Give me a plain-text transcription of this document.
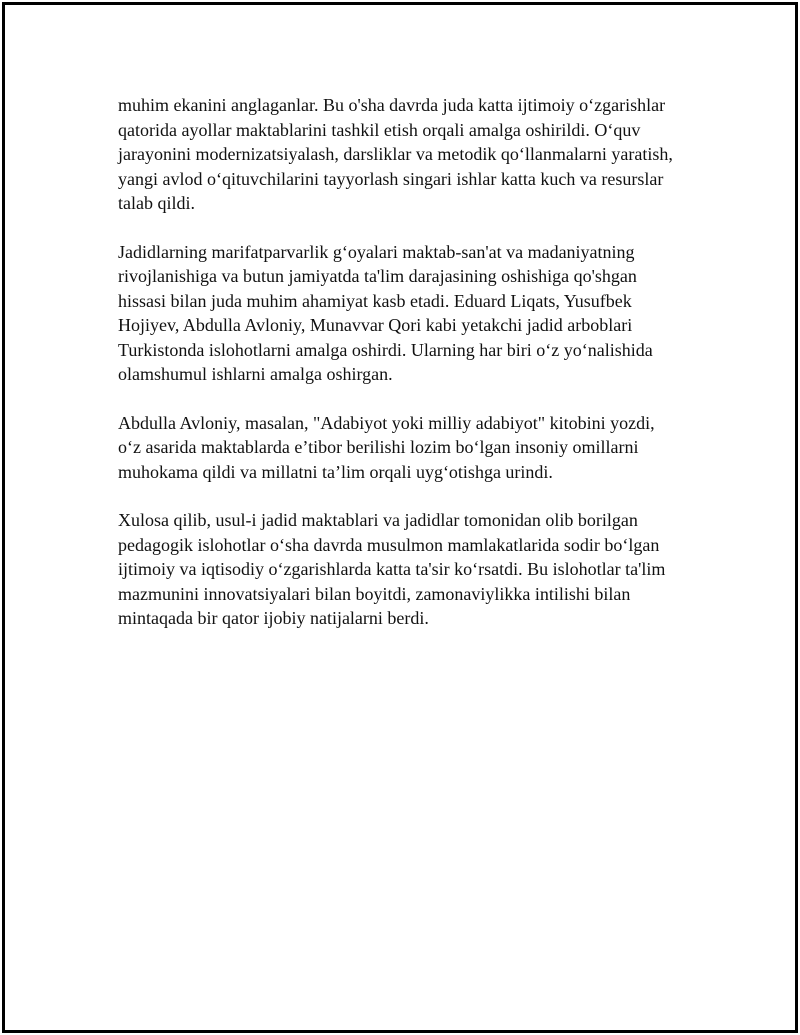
muhim ekanini anglaganlar. Bu o'sha davrda juda katta ijtimoiy o‘zgarishlar
qatorida ayollar maktablarini tashkil etish orqali amalga oshirildi. O‘quv
jarayonini modernizatsiyalash, darsliklar va metodik qo‘llanmalarni yaratish,
yangi avlod o‘qituvchilarini tayyorlash singari ishlar katta kuch va resurslar
talab qildi.

Jadidlarning marifatparvarlik g‘oyalari maktab-san'at va madaniyatning
rivojlanishiga va butun jamiyatda ta'lim darajasining oshishiga qo'shgan
hissasi bilan juda muhim ahamiyat kasb etadi. Eduard Liqats, Yusufbek
Hojiyev, Abdulla Avloniy, Munavvar Qori kabi yetakchi jadid arboblari
Turkistonda islohotlarni amalga oshirdi. Ularning har biri o‘z yo‘nalishida
olamshumul ishlarni amalga oshirgan.

Abdulla Avloniy, masalan, "Adabiyot yoki milliy adabiyot" kitobini yozdi,
o‘z asarida maktablarda e’tibor berilishi lozim bo‘lgan insoniy omillarni
muhokama qildi va millatni ta’lim orqali uyg‘otishga urindi.

Xulosa qilib, usul-i jadid maktablari va jadidlar tomonidan olib borilgan
pedagogik islohotlar o‘sha davrda musulmon mamlakatlarida sodir bo‘lgan
ijtimoiy va iqtisodiy o‘zgarishlarda katta ta'sir ko‘rsatdi. Bu islohotlar ta'lim
mazmunini innovatsiyalari bilan boyitdi, zamonaviylikka intilishi bilan
mintaqada bir qator ijobiy natijalarni berdi.
